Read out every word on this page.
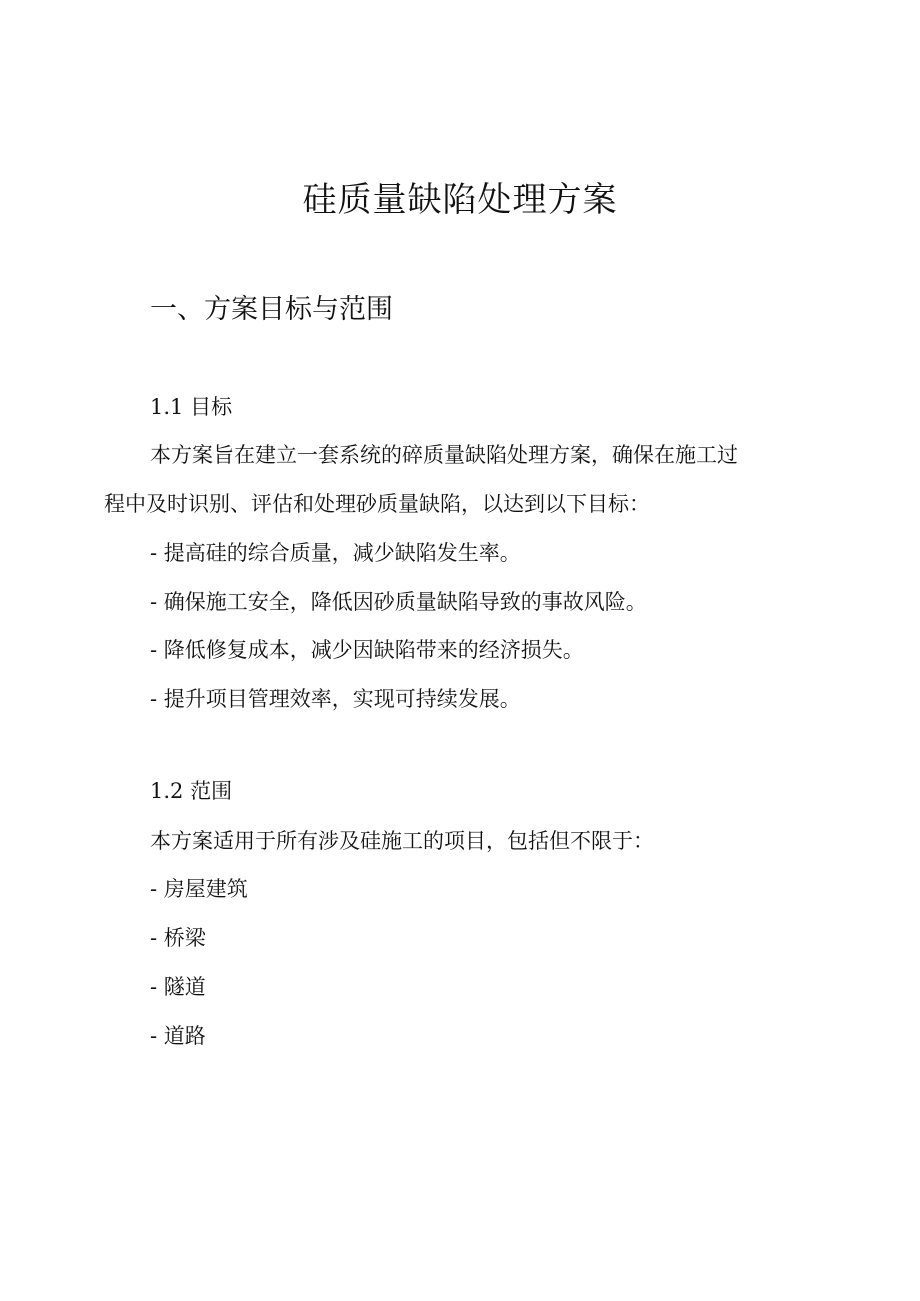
硅质量缺陷处理方案
一、方案目标与范围

1.1 目标

本方案旨在建立一套系统的碎质量缺陷处理方案，确保在施工过

程中及时识别、评估和处理砂质量缺陷，以达到以下目标：

- 提高硅的综合质量，减少缺陷发生率。

- 确保施工安全，降低因砂质量缺陷导致的事故风险。

- 降低修复成本，减少因缺陷带来的经济损失。

- 提升项目管理效率，实现可持续发展。

1.2 范围

本方案适用于所有涉及硅施工的项目，包括但不限于：

- 房屋建筑

- 桥梁

- 隧道

- 道路
